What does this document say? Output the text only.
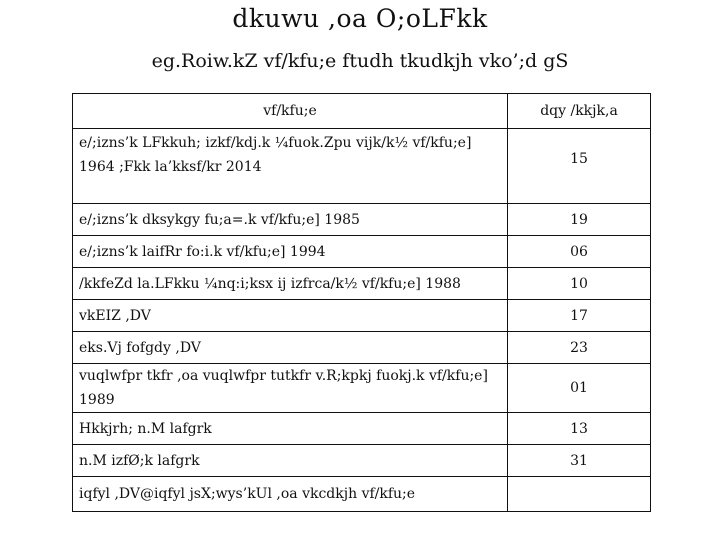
dkuwu ,oa O;oLFkk
eg.Roiw.kZ vf/kfu;e ftudh tkudkjh vko’;d gS
vf/kfu;e	dqy /kkjk,a
e/;izns’k LFkkuh; izkf/kdj.k ¼fuok.Zpu vijk/k½ vf/kfu;e] 1964 ;Fkk la’kksf/kr 2014	15
e/;izns’k dksykgy fu;a=.k vf/kfu;e] 1985	19
e/;izns’k laifRr fo:i.k vf/kfu;e] 1994	06
/kkfeZd la.LFkku ¼nq:i;ksx ij izfrca/k½ vf/kfu;e] 1988	10
vkEIZ ,DV	17
eks.Vj fofgdy ,DV	23
vuqlwfpr tkfr ,oa vuqlwfpr tutkfr v.R;kpkj fuokj.k vf/kfu;e] 1989	01
Hkkjrh; n.M lafgrk	13
n.M izfØ;k lafgrk	31
iqfyl ,DV@iqfyl jsX;wys’kUl ,oa vkcdkjh vf/kfu;e	
